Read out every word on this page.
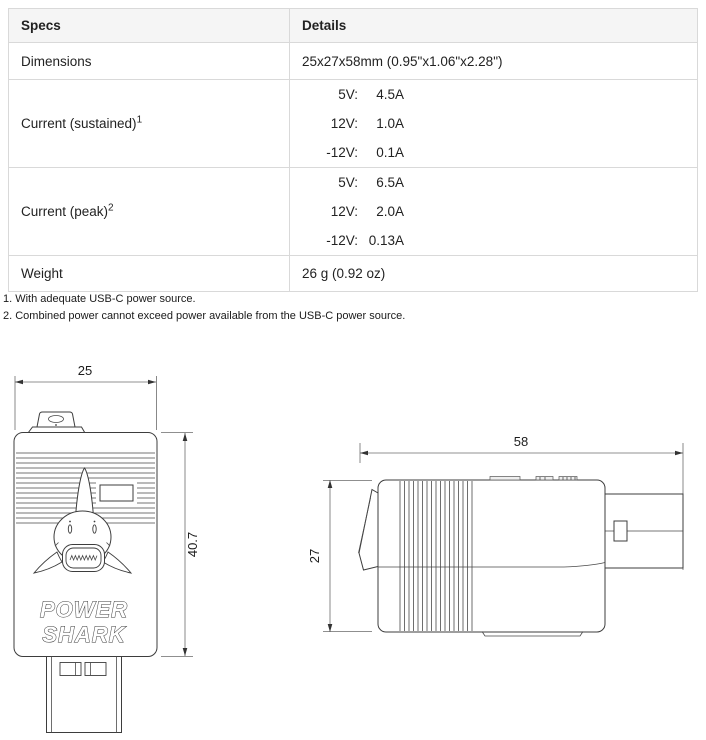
Specs	Details
Dimensions	25x27x58mm (0.95"x1.06"x2.28")
Current (sustained)$^1$	
5V:	4.5A
12V:	1.0A
-12V:	0.1A

Current (peak)$^2$	
5V:	6.5A
12V:	2.0A
-12V: 0.13A

Weight	26 g (0.92 oz)
1. With adequate USB-C power source.
2. Combined power cannot exceed power available from the USB-C power source.
25
40.7
POWER
SHARK
58
27
